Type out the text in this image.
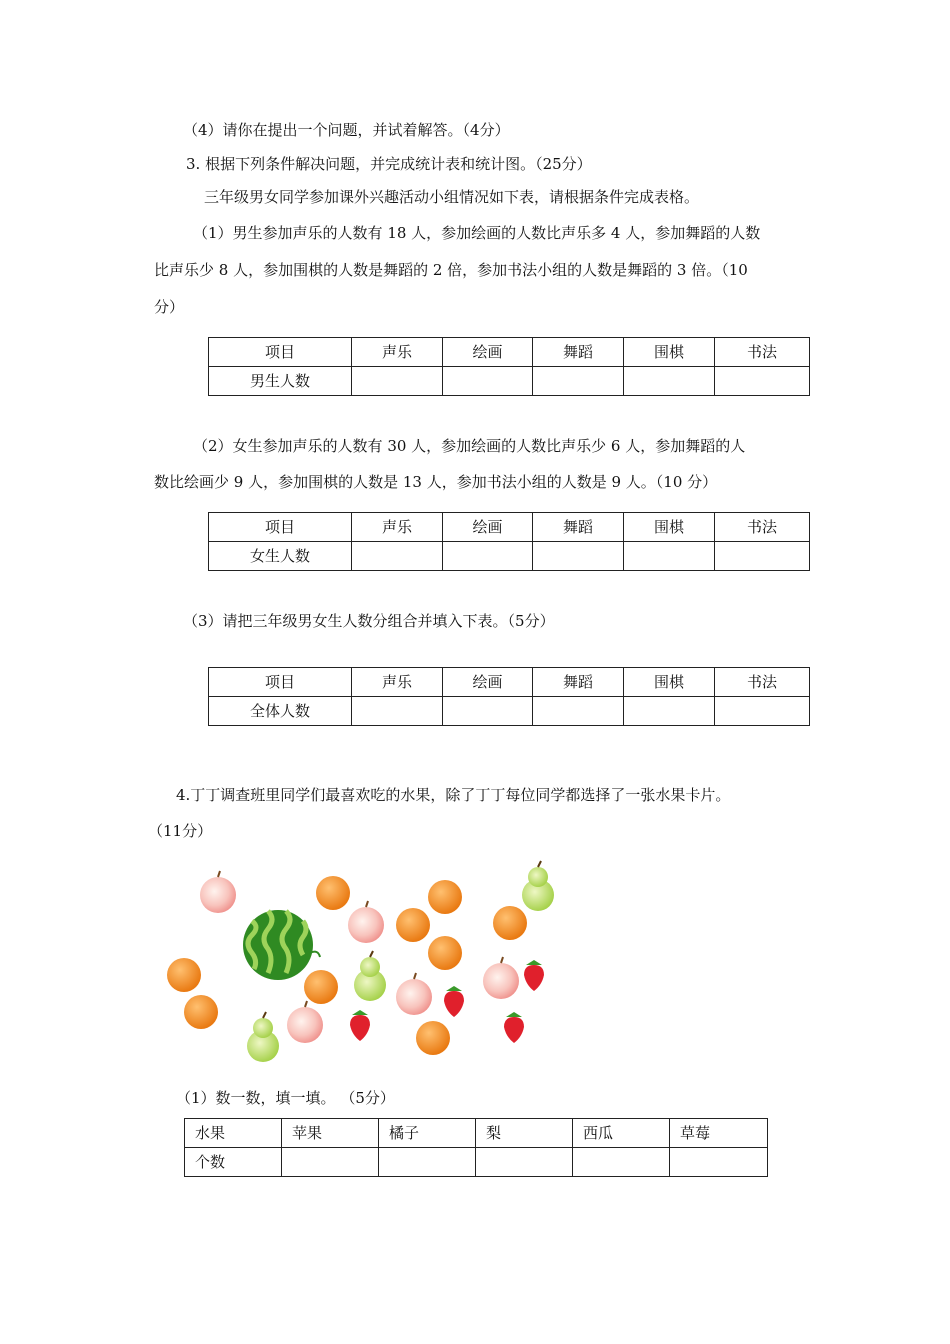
（4）请你在提出一个问题，并试着解答。（4分）
3. 根据下列条件解决问题，并完成统计表和统计图。（25分）
三年级男女同学参加课外兴趣活动小组情况如下表，请根据条件完成表格。
（1）男生参加声乐的人数有 18 人，参加绘画的人数比声乐多 4 人，参加舞蹈的人数
比声乐少 8 人，参加围棋的人数是舞蹈的 2 倍，参加书法小组的人数是舞蹈的 3 倍。（10
分）
项目	声乐	绘画	舞蹈	围棋	书法
男生人数					
（2）女生参加声乐的人数有 30 人，参加绘画的人数比声乐少 6 人，参加舞蹈的人
数比绘画少 9 人，参加围棋的人数是 13 人，参加书法小组的人数是 9 人。（10 分）
项目	声乐	绘画	舞蹈	围棋	书法
女生人数					
（3）请把三年级男女生人数分组合并填入下表。（5分）
项目	声乐	绘画	舞蹈	围棋	书法
全体人数					
4.丁丁调查班里同学们最喜欢吃的水果，除了丁丁每位同学都选择了一张水果卡片。
（11分）
（1）数一数，填一填。 （5分）
水果	苹果	橘子	梨	西瓜	草莓
个数					
